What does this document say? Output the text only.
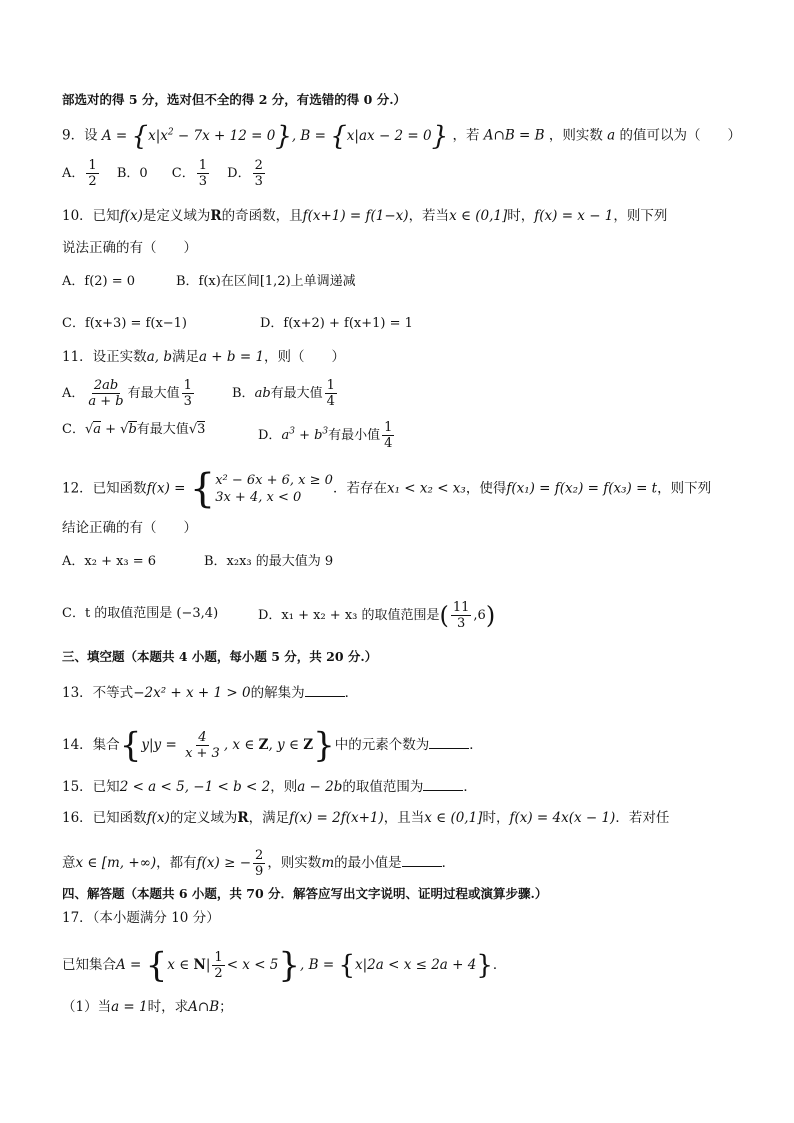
部选对的得 5 分，选对但不全的得 2 分，有选错的得 0 分.）
9．设 $A = \{x|x^2 - 7x + 12 = 0\}$, B = {x|ax − 2 = 0} ，若 A∩B = B ，则实数 a 的值可以为（　　）
A． $\frac{1}{2}$ B．0 C． $\frac{1}{3}$ D． $\frac{2}{3}$
10．已知f(x)是定义域为R的奇函数，且f(x+1) = f(1−x)，若当x ∈ (0,1]时，f(x) = x − 1，则下列
说法正确的有（　　）
A．f(2) = 0	B．f(x)在区间[1,2)上单调递减
C．f(x+3) = f(x−1)	D．f(x+2) + f(x+1) = 1
11．设正实数a, b满足a + b = 1，则（　　）
A． $\frac{2ab}{a + b}$ 有最大值 $\frac{1}{3}$	B．ab有最大值 $\frac{1}{4}$
C．√a + √b有最大值√3	D．$a^3 + b^3$有最小值 $\frac{1}{4}$
12．已知函数f(x) = {x² − 6x + 6, x ≥ 0
3x + 4, x < 0．若存在x₁ < x₂ < x₃，使得f(x₁) = f(x₂) = f(x₃) = t，则下列
结论正确的有（　　）
A．x₂ + x₃ = 6	B．x₂x₃ 的最大值为 9
C．t 的取值范围是 (−3,4)	D．x₁ + x₂ + x₃ 的取值范围是( $\frac{11}{3} ,6$)
三、填空题（本题共 4 小题，每小题 5 分，共 20 分.）
13．不等式−2x² + x + 1 > 0的解集为	．
14．集合{$y|y = \frac{4}{x + 3}$ , x ∈ Z, y ∈ Z}中的元素个数为	．
15．已知2 < a < 5, −1 < b < 2，则a − 2b的取值范围为	．
16．已知函数f(x)的定义域为R，满足f(x) = 2f(x+1)，且当x ∈ (0,1]时，f(x) = 4x(x − 1)．若对任
意x ∈ [m, +∞)，都有f(x) ≥ − $\frac{2}{9}$ ，则实数m的最小值是	．
四、解答题（本题共 6 小题，共 70 分．解答应写出文字说明、证明过程或演算步骤.）
17．（本小题满分 10 分）
已知集合A = {x ∈ $N| \frac{1}{2} < x < 5$}, B = {x|2a < x ≤ 2a + 4}．
（1）当a = 1时，求A∩B；
